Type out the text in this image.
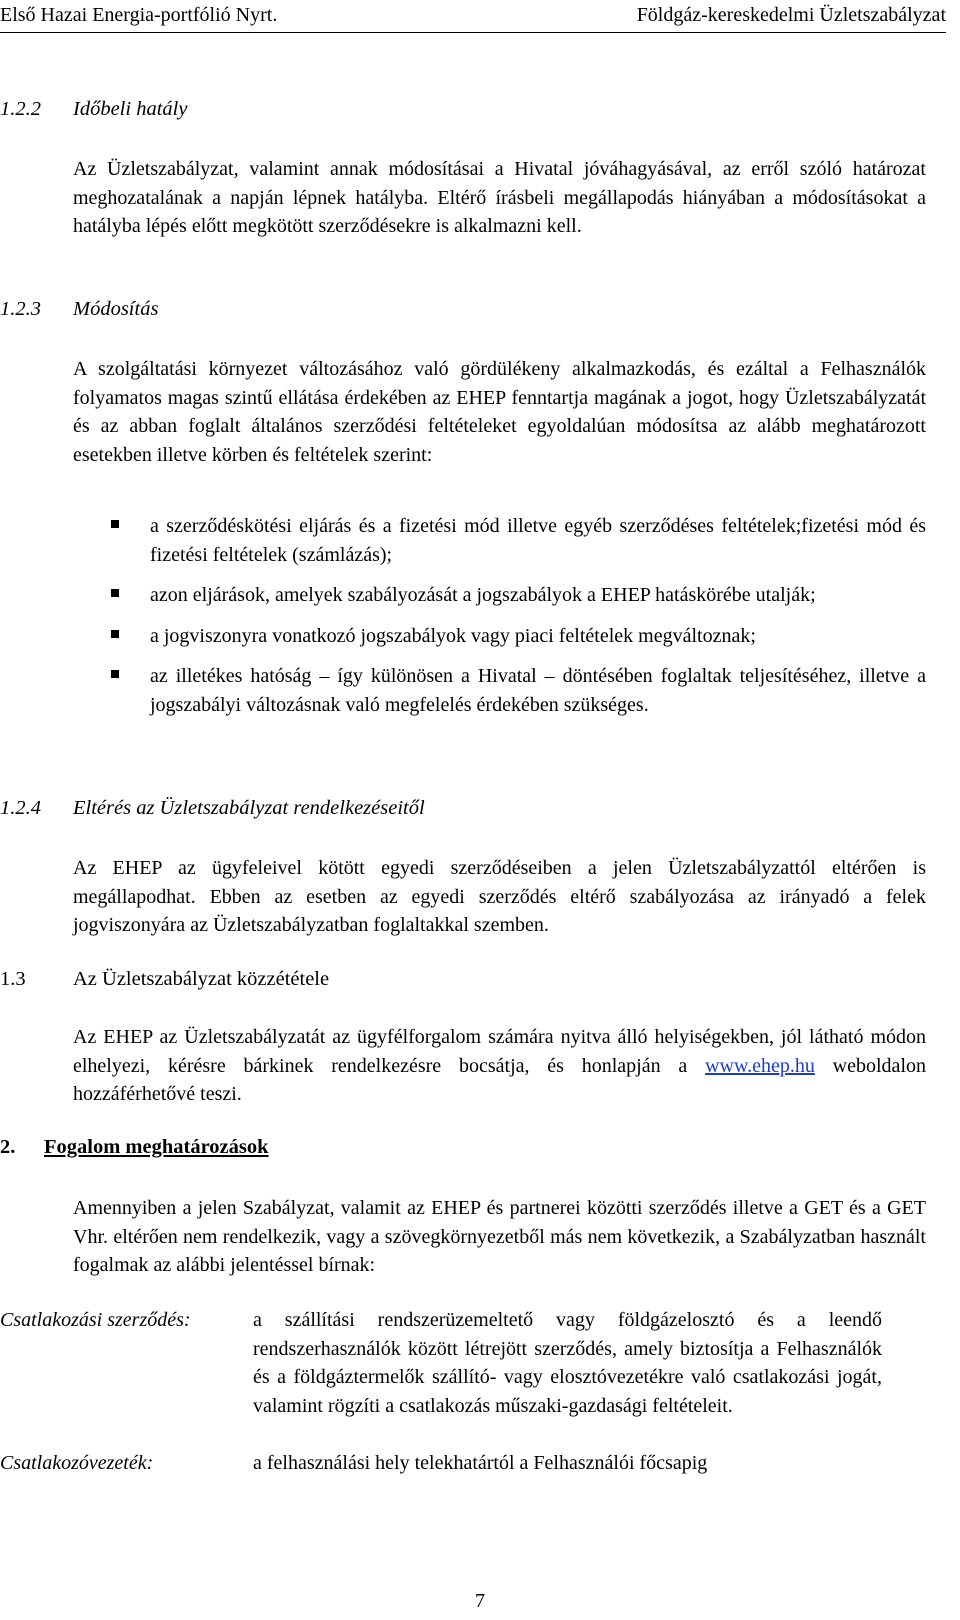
Első Hazai Energia-portfólió Nyrt.	Földgáz-kereskedelmi Üzletszabályzat
1.2.2 Időbeli hatály

Az Üzletszabályzat, valamint annak módosításai a Hivatal jóváhagyásával, az erről szóló határozat meghozatalának a napján lépnek hatályba. Eltérő írásbeli megállapodás hiányában a módosításokat a hatályba lépés előtt megkötött szerződésekre is alkalmazni kell.

1.2.3 Módosítás

A szolgáltatási környezet változásához való gördülékeny alkalmazkodás, és ezáltal a Felhasználók folyamatos magas szintű ellátása érdekében az EHEP fenntartja magának a jogot, hogy Üzletszabályzatát és az abban foglalt általános szerződési feltételeket egyoldalúan módosítsa az alább meghatározott esetekben illetve körben és feltételek szerint:

a szerződéskötési eljárás és a fizetési mód illetve egyéb szerződéses feltételek;fizetési mód és fizetési feltételek (számlázás);
azon eljárások, amelyek szabályozását a jogszabályok a EHEP hatáskörébe utalják;
a jogviszonyra vonatkozó jogszabályok vagy piaci feltételek megváltoznak;
az illetékes hatóság – így különösen a Hivatal – döntésében foglaltak teljesítéséhez, illetve a jogszabályi változásnak való megfelelés érdekében szükséges.
1.2.4 Eltérés az Üzletszabályzat rendelkezéseitől

Az EHEP az ügyfeleivel kötött egyedi szerződéseiben a jelen Üzletszabályzattól eltérően is megállapodhat. Ebben az esetben az egyedi szerződés eltérő szabályozása az irányadó a felek jogviszonyára az Üzletszabályzatban foglaltakkal szemben.

1.3 Az Üzletszabályzat közzététele

Az EHEP az Üzletszabályzatát az ügyfélforgalom számára nyitva álló helyiségekben, jól látható módon elhelyezi, kérésre bárkinek rendelkezésre bocsátja, és honlapján a www.ehep.hu weboldalon hozzáférhetővé teszi.

2. Fogalom meghatározások

Amennyiben a jelen Szabályzat, valamit az EHEP és partnerei közötti szerződés illetve a GET és a GET Vhr. eltérően nem rendelkezik, vagy a szövegkörnyezetből más nem következik, a Szabályzatban használt fogalmak az alábbi jelentéssel bírnak:

Csatlakozási szerződés:	a szállítási rendszerüzemeltető vagy földgázelosztó és a leendő rendszerhasználók között létrejött szerződés, amely biztosítja a Felhasználók és a földgáztermelők szállító- vagy elosztóvezetékre való csatlakozási jogát, valamint rögzíti a csatlakozás műszaki-gazdasági feltételeit.

Csatlakozóvezeték:	a felhasználási hely telekhatártól a Felhasználói főcsapig

7
